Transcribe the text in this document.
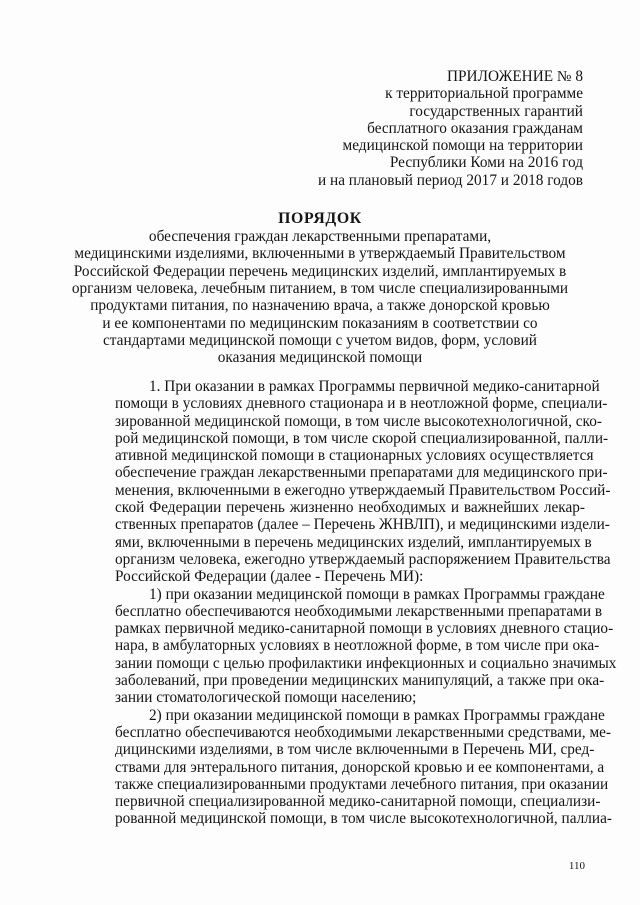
ПРИЛОЖЕНИЕ № 8
к территориальной программе
государственных гарантий
бесплатного оказания гражданам
медицинской помощи на территории
Республики Коми на 2016 год
и на плановый период 2017 и 2018 годов
ПОРЯДОК
обеспечения граждан лекарственными препаратами,
медицинскими изделиями, включенными в утверждаемый Правительством
Российской Федерации перечень медицинских изделий, имплантируемых в
организм человека, лечебным питанием, в том числе специализированными
продуктами питания, по назначению врача, а также донорской кровью
и ее компонентами по медицинским показаниям в соответствии со
стандартами медицинской помощи с учетом видов, форм, условий
оказания медицинской помощи
1. При оказании в рамках Программы первичной медико-санитарной
помощи в условиях дневного стационара и в неотложной форме, специали-
зированной медицинской помощи, в том числе высокотехнологичной, ско-
рой медицинской помощи, в том числе скорой специализированной, палли-
ативной медицинской помощи в стационарных условиях осуществляется
обеспечение граждан лекарственными препаратами для медицинского при-
менения, включенными в ежегодно утверждаемый Правительством Россий-
ской Федерации перечень жизненно необходимых и важнейших лекар-
ственных препаратов (далее – Перечень ЖНВЛП), и медицинскими издели-
ями, включенными в перечень медицинских изделий, имплантируемых в
организм человека, ежегодно утверждаемый распоряжением Правительства
Российской Федерации (далее - Перечень МИ):
1) при оказании медицинской помощи в рамках Программы граждане
бесплатно обеспечиваются необходимыми лекарственными препаратами в
рамках первичной медико-санитарной помощи в условиях дневного стацио-
нара, в амбулаторных условиях в неотложной форме, в том числе при ока-
зании помощи с целью профилактики инфекционных и социально значимых
заболеваний, при проведении медицинских манипуляций, а также при ока-
зании стоматологической помощи населению;
2) при оказании медицинской помощи в рамках Программы граждане
бесплатно обеспечиваются необходимыми лекарственными средствами, ме-
дицинскими изделиями, в том числе включенными в Перечень МИ, сред-
ствами для энтерального питания, донорской кровью и ее компонентами, а
также специализированными продуктами лечебного питания, при оказании
первичной специализированной медико-санитарной помощи, специализи-
рованной медицинской помощи, в том числе высокотехнологичной, паллиа-
110
